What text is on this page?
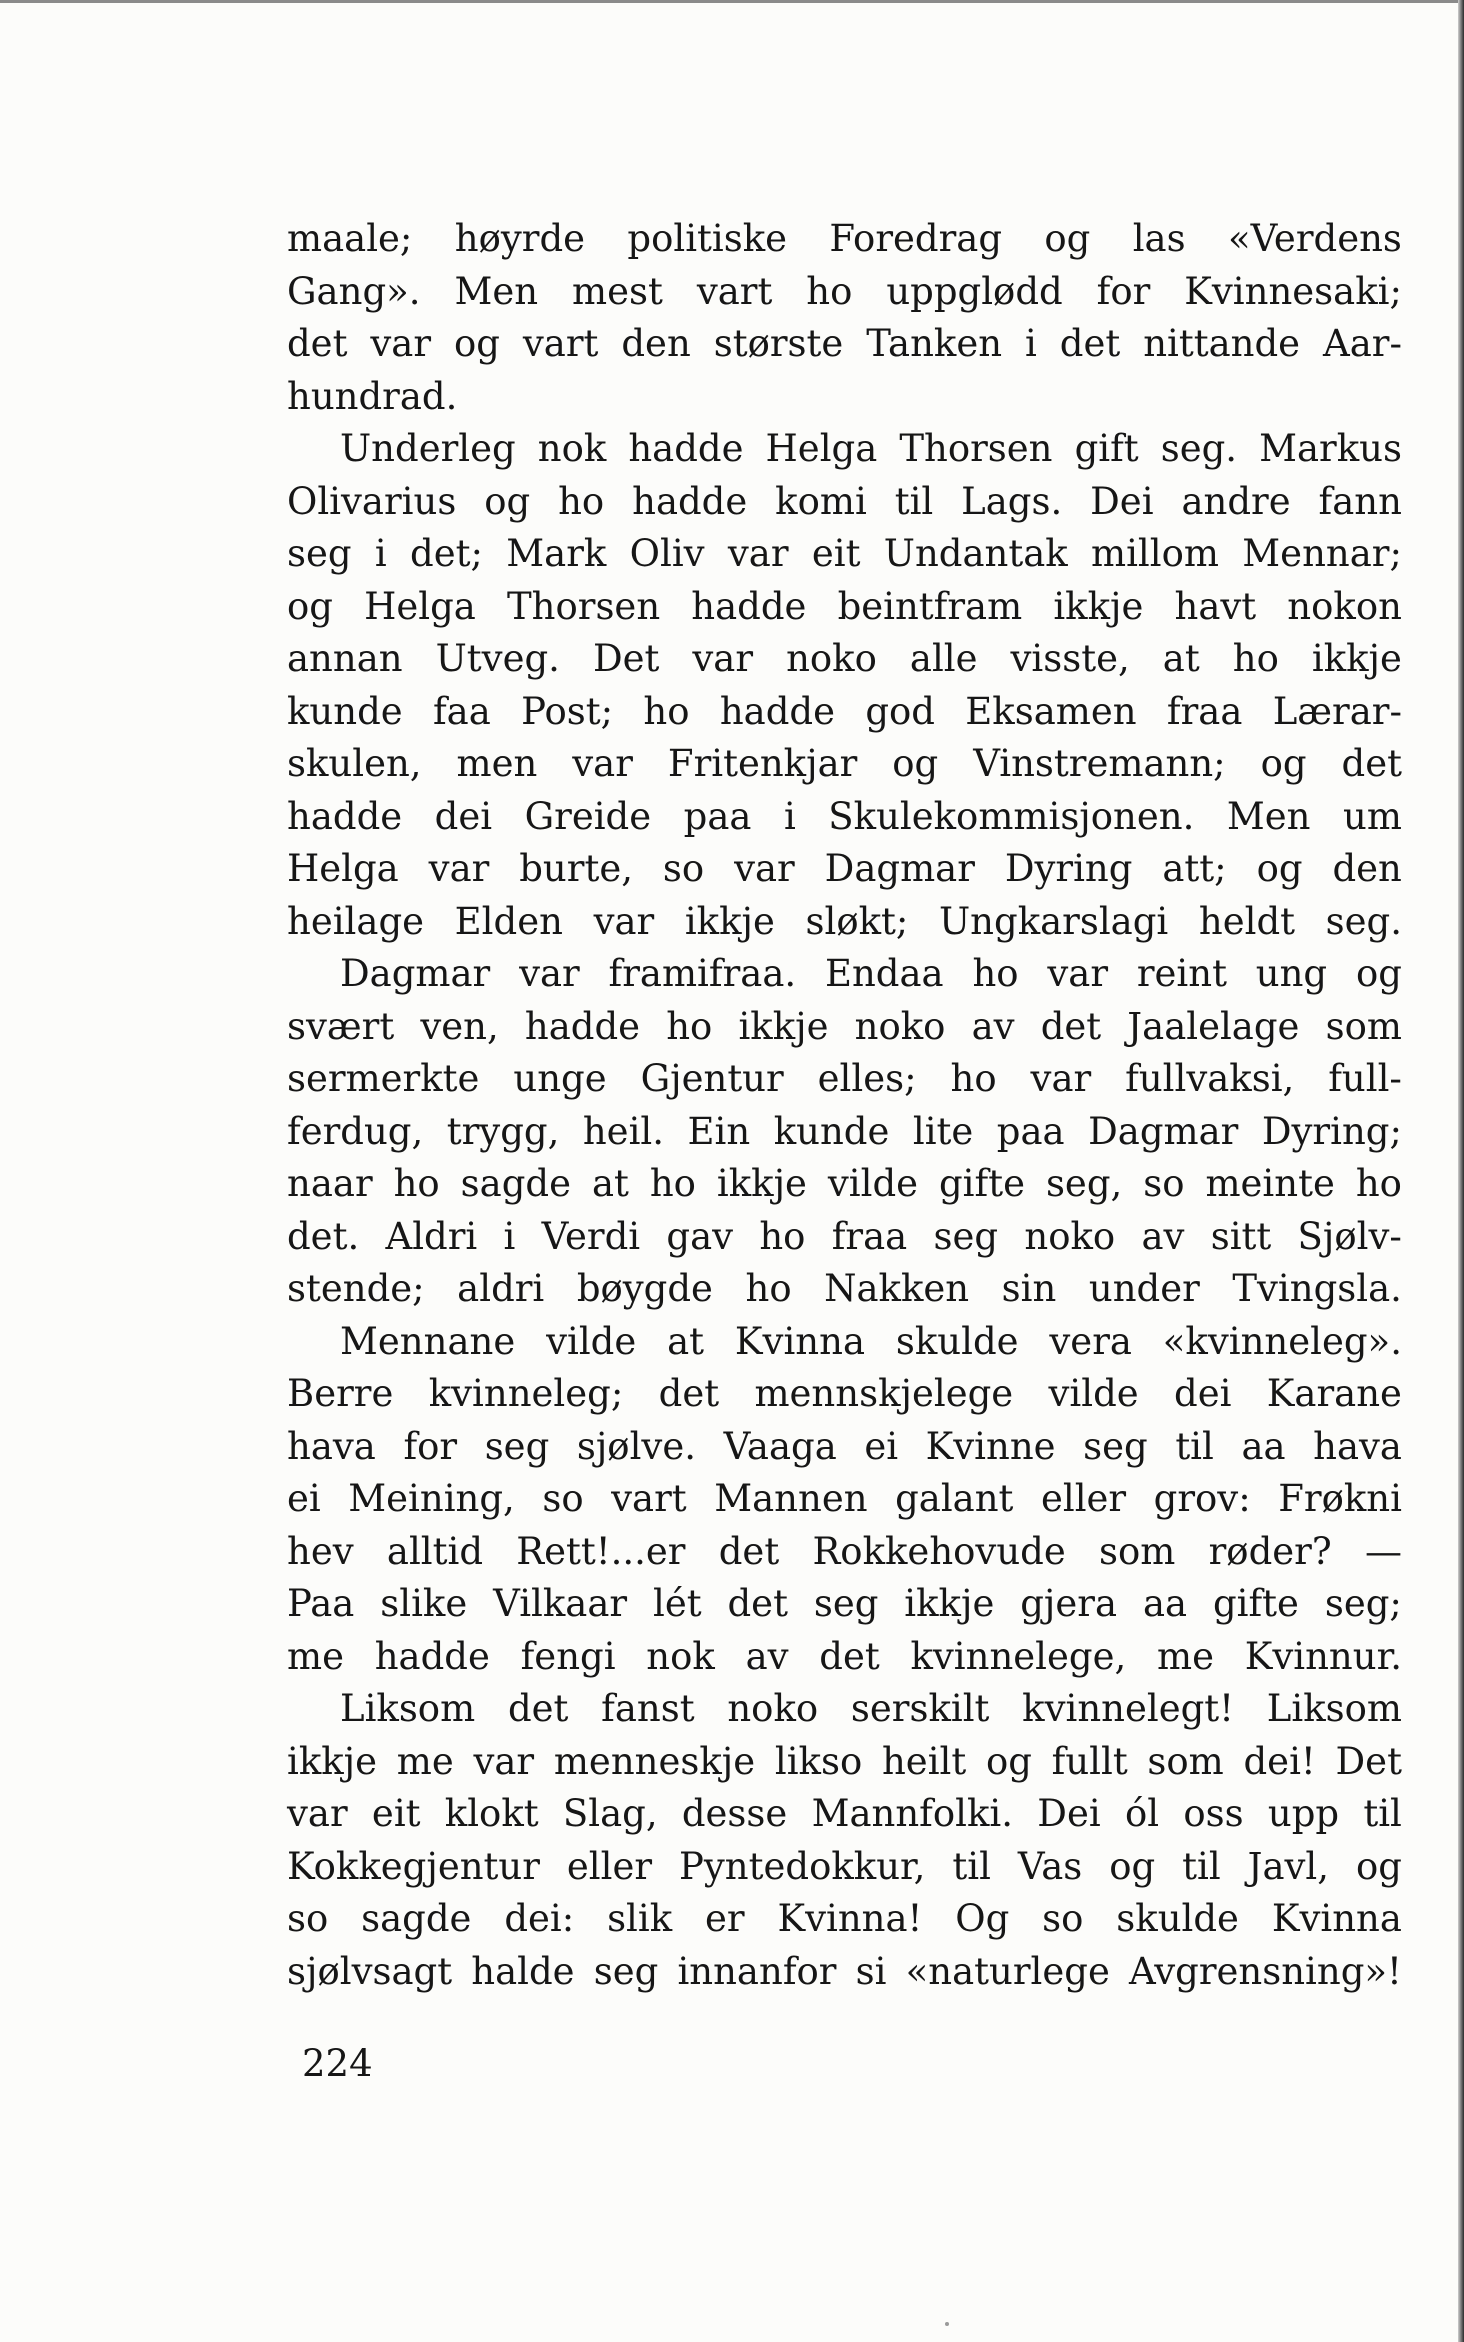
maale; høyrde politiske Foredrag og las «Verdens
Gang». Men mest vart ho uppglødd for Kvinnesaki;
det var og vart den største Tanken i det nittande Aar-
hundrad.
Underleg nok hadde Helga Thorsen gift seg. Markus
Olivarius og ho hadde komi til Lags. Dei andre fann
seg i det; Mark Oliv var eit Undantak millom Mennar;
og Helga Thorsen hadde beintfram ikkje havt nokon
annan Utveg. Det var noko alle visste, at ho ikkje
kunde faa Post; ho hadde god Eksamen fraa Lærar-
skulen, men var Fritenkjar og Vinstremann; og det
hadde dei Greide paa i Skulekommisjonen. Men um
Helga var burte, so var Dagmar Dyring att; og den
heilage Elden var ikkje sløkt; Ungkarslagi heldt seg.
Dagmar var framifraa. Endaa ho var reint ung og
svært ven, hadde ho ikkje noko av det Jaalelage som
sermerkte unge Gjentur elles; ho var fullvaksi, full-
ferdug, trygg, heil. Ein kunde lite paa Dagmar Dyring;
naar ho sagde at ho ikkje vilde gifte seg, so meinte ho
det. Aldri i Verdi gav ho fraa seg noko av sitt Sjølv-
stende; aldri bøygde ho Nakken sin under Tvingsla.
Mennane vilde at Kvinna skulde vera «kvinneleg».
Berre kvinneleg; det mennskjelege vilde dei Karane
hava for seg sjølve. Vaaga ei Kvinne seg til aa hava
ei Meining, so vart Mannen galant eller grov: Frøkni
hev alltid Rett!...er det Rokkehovude som røder? —
Paa slike Vilkaar lét det seg ikkje gjera aa gifte seg;
me hadde fengi nok av det kvinnelege, me Kvinnur.
Liksom det fanst noko serskilt kvinnelegt! Liksom
ikkje me var menneskje likso heilt og fullt som dei! Det
var eit klokt Slag, desse Mannfolki. Dei ól oss upp til
Kokkegjentur eller Pyntedokkur, til Vas og til Javl, og
so sagde dei: slik er Kvinna! Og so skulde Kvinna
sjølvsagt halde seg innanfor si «naturlege Avgrensning»!
224
